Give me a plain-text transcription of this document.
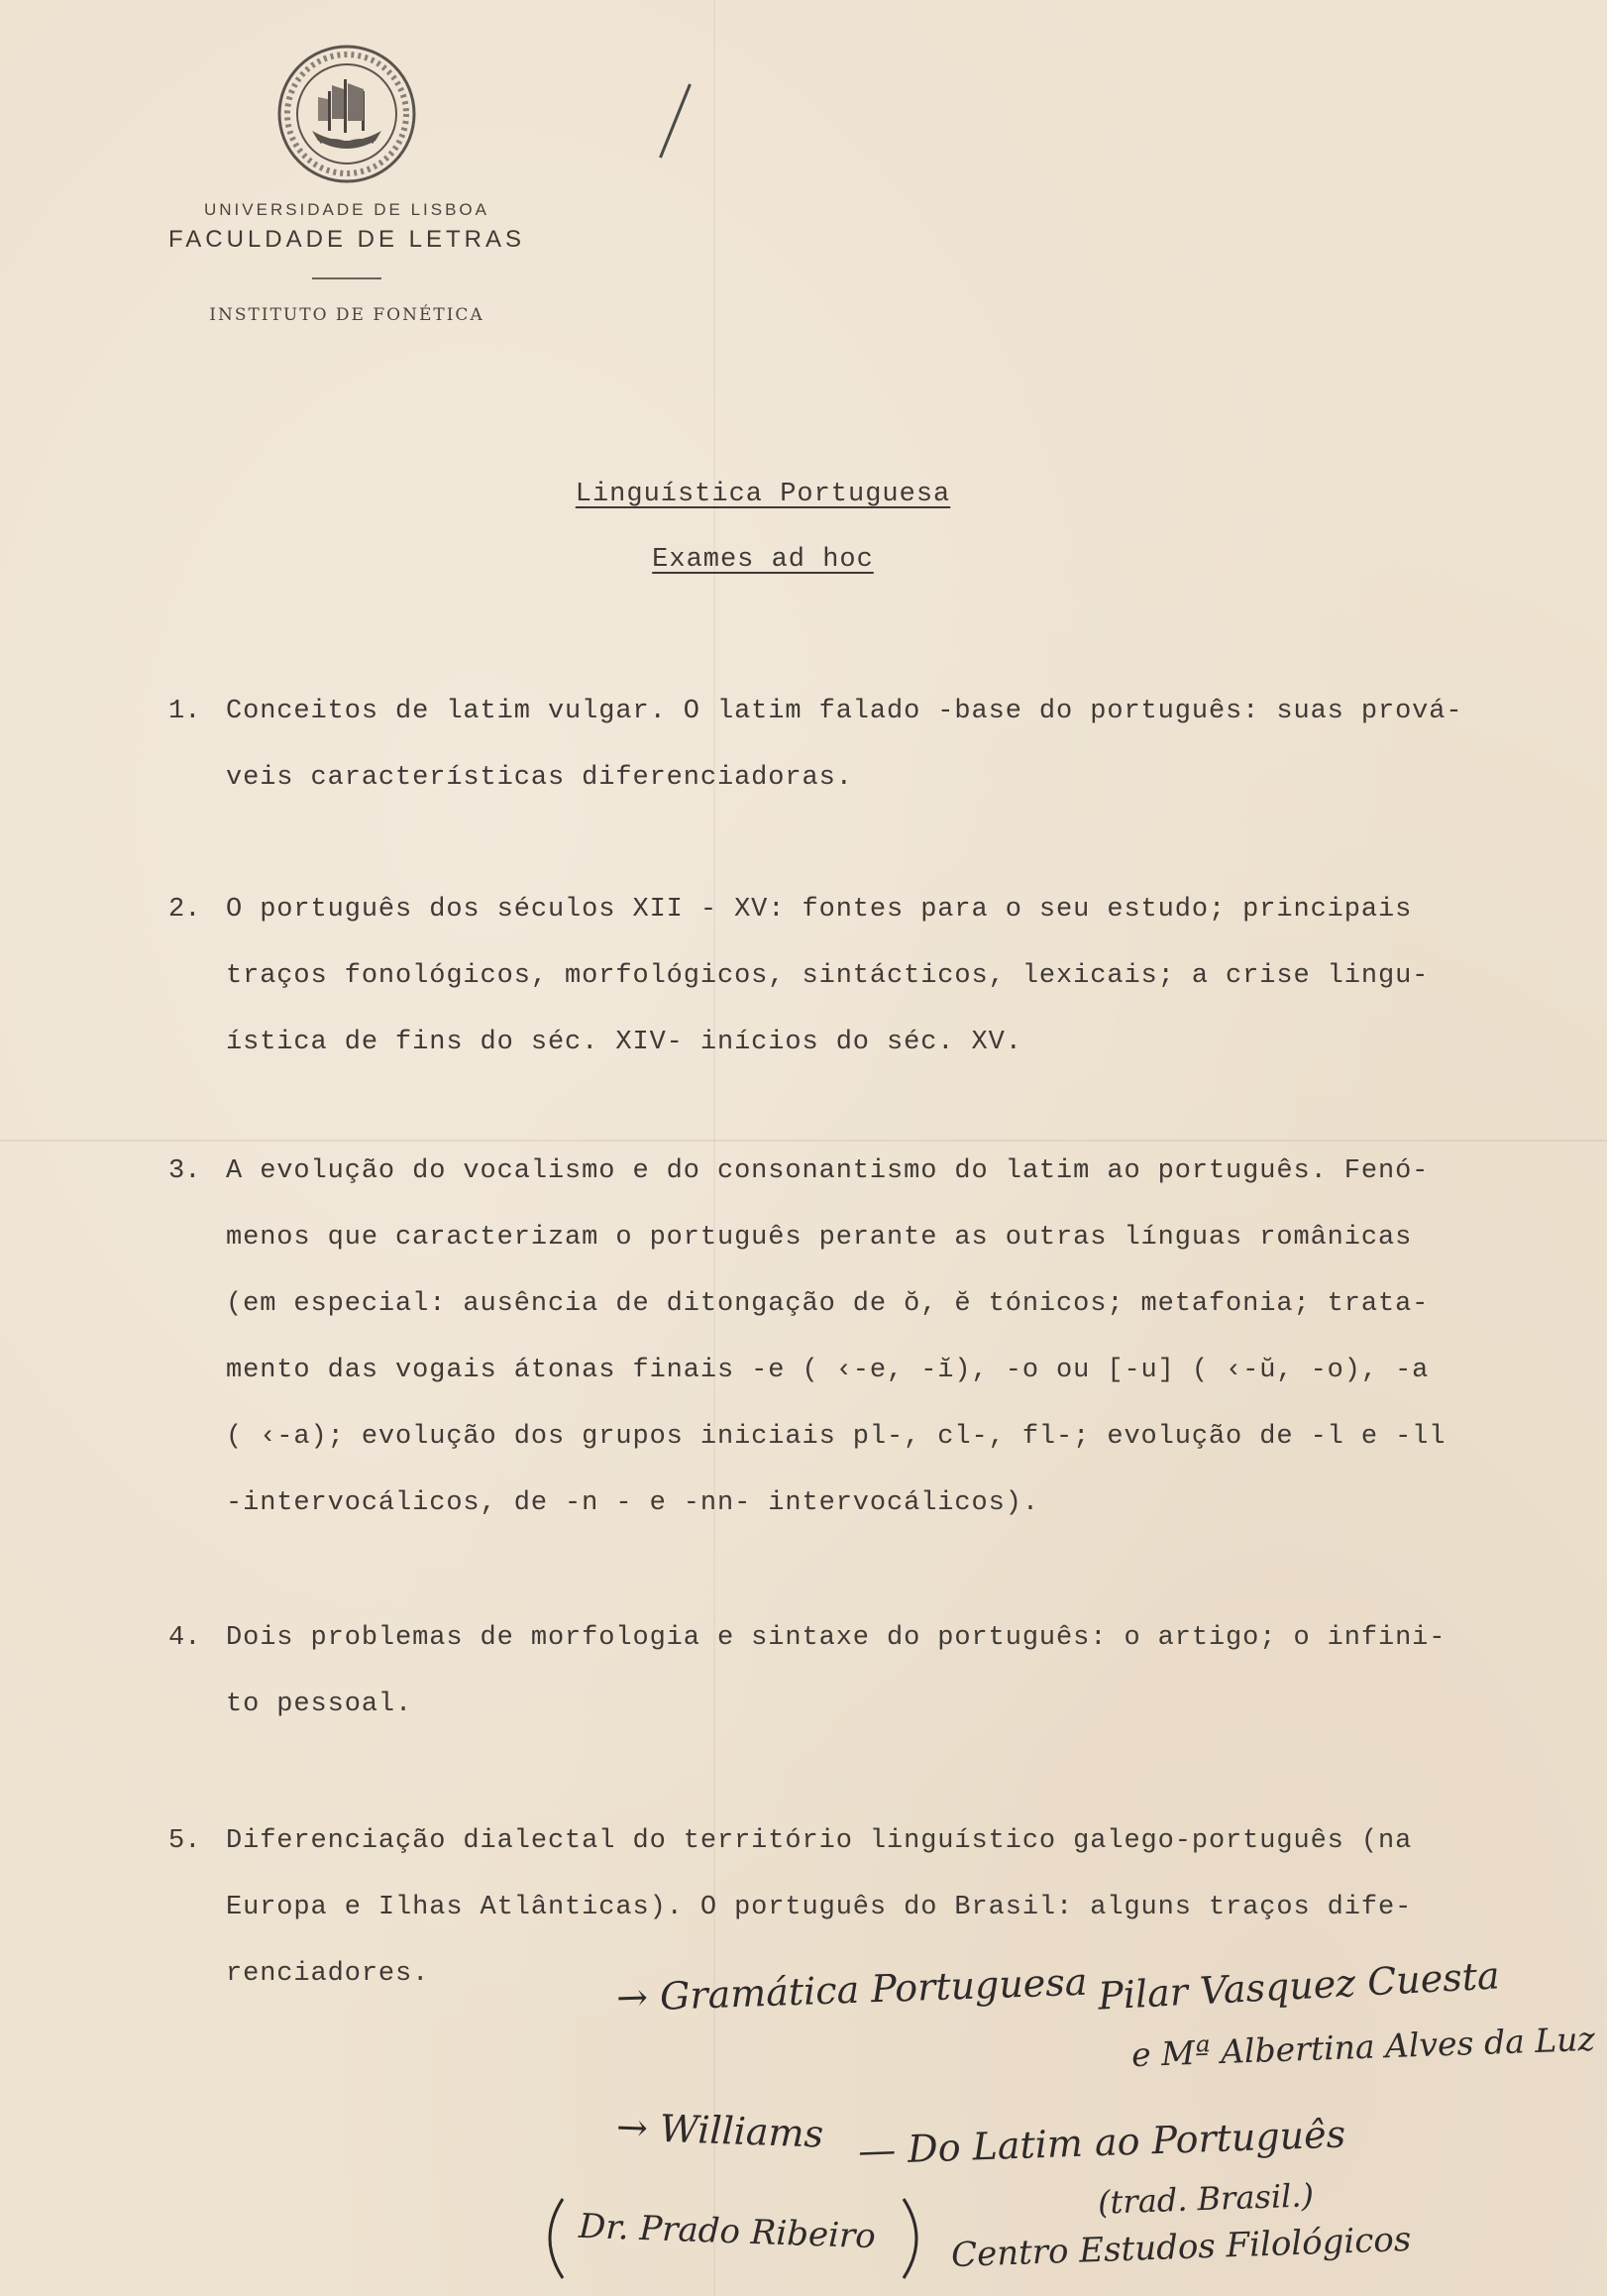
UNIVERSIDADE DE LISBOA
FACULDADE DE LETRAS
INSTITUTO DE FONÉTICA
Linguística Portuguesa
Exames ad hoc
1. Conceitos de latim vulgar. O latim falado -base do português: suas prová-
veis características diferenciadoras.
2. O português dos séculos XII - XV: fontes para o seu estudo; principais
traços fonológicos, morfológicos, sintácticos, lexicais; a crise lingu-
ística de fins do séc. XIV- inícios do séc. XV.
3. A evolução do vocalismo e do consonantismo do latim ao português. Fenó-
menos que caracterizam o português perante as outras línguas românicas
(em especial: ausência de ditongação de ŏ, ĕ tónicos; metafonia; trata-
mento das vogais átonas finais -e ( ‹-e, -ĭ), -o ou [-u] ( ‹-ŭ, -o), -a
( ‹-a); evolução dos grupos iniciais pl-, cl-, fl-; evolução de -l e -ll
-intervocálicos, de -n - e -nn- intervocálicos).
4. Dois problemas de morfologia e sintaxe do português: o artigo; o infini-
to pessoal.
5. Diferenciação dialectal do território linguístico galego-português (na
Europa e Ilhas Atlânticas). O português do Brasil: alguns traços dife-
renciadores.	→ Gramática Portuguesa Pilar Vasquez Cuesta
e Mª Albertina Alves da Luz
→ Williams — Do Latim ao Português
(trad. Brasil.)
Dr. Prado Ribeiro Centro Estudos Filológicos
